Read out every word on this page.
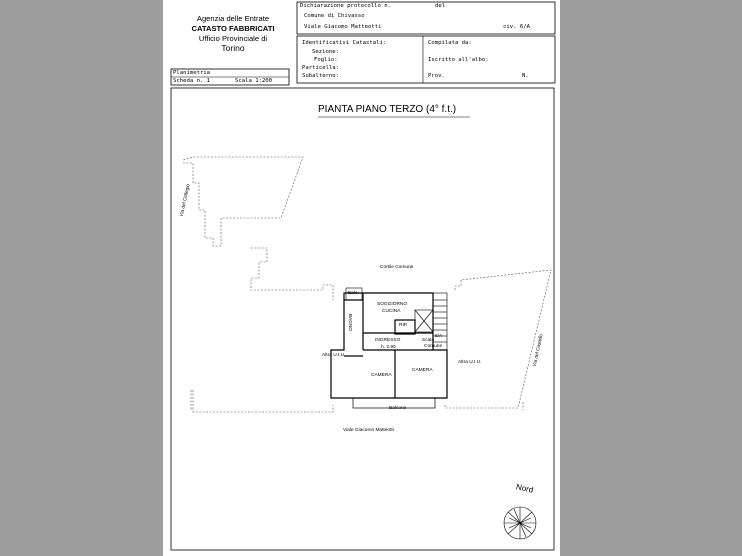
Agenzia delle Entrate
CATASTO FABBRICATI
Ufficio Provinciale di
Torino
Dichiarazione protocollo n.	del
Comune di Chivasso
Viale Giacomo Matteotti	civ. 6/A
Identificativi Catastali:
Sezione:
Foglio:
Particella:
Subalterno:
Compilata da:
Iscritto all'albo:
Prov.	N.
Planimetria
Scheda n. 1	Scala 1:200
PIANTA PIANO TERZO (4° f.t.)
Via del Collegio
Via del Castello
Cortile Comune
Balc.
SOGGIORNO
CUCINA
BAGNO	RIP.
INGRESSO
h. 2.90
6/A
Scala
Comune
Altra U.I.U.
Altra U.I.U.
CAMERA
CAMERA
Balcone
Viale Giacomo Matteotti
Nord
